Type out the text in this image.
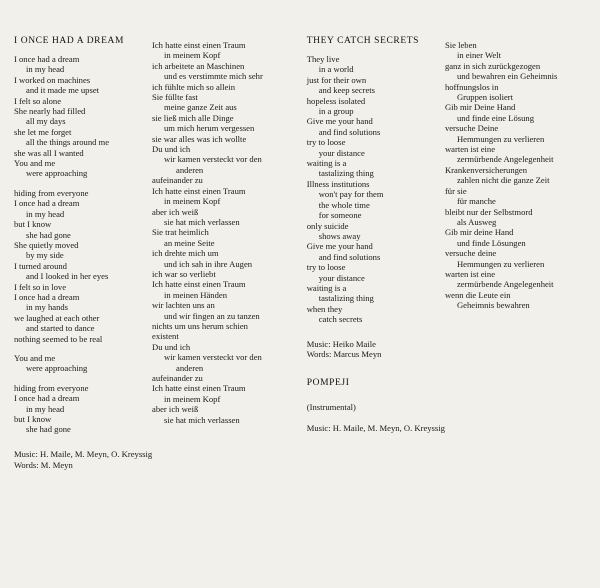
I ONCE HAD A DREAM
I once had a dream
in my head
I worked on machines
and it made me upset
I felt so alone
She nearly had filled
all my days
she let me forget
all the things around me
she was all I wanted
You and me
were approaching
hiding from everyone
I once had a dream
in my head
but I know
she had gone
She quietly moved
by my side
I turned around
and I looked in her eyes
I felt so in love
I once had a dream
in my hands
we laughed at each other
and started to dance
nothing seemed to be real
You and me
were approaching
hiding from everyone
I once had a dream
in my head
but I know
she had gone
Music: H. Maile, M. Meyn, O. Kreyssig
Words: M. Meyn
Ich hatte einst einen Traum
in meinem Kopf
ich arbeitete an Maschinen
und es verstimmte mich sehr
ich fühlte mich so allein
Sie füllte fast
meine ganze Zeit aus
sie ließ mich alle Dinge
um mich herum vergessen
sie war alles was ich wollte
Du und ich
wir kamen versteckt vor den
anderen
aufeinander zu
Ich hatte einst einen Traum
in meinem Kopf
aber ich weiß
sie hat mich verlassen
Sie trat heimlich
an meine Seite
ich drehte mich um
und ich sah in ihre Augen
ich war so verliebt
Ich hatte einst einen Traum
in meinen Händen
wir lachten uns an
und wir fingen an zu tanzen
nichts um uns herum schien
existent
Du und ich
wir kamen versteckt vor den
anderen
aufeinander zu
Ich hatte einst einen Traum
in meinem Kopf
aber ich weiß
sie hat mich verlassen
THEY CATCH SECRETS
They live
in a world
just for their own
and keep secrets
hopeless isolated
in a group
Give me your hand
and find solutions
try to loose
your distance
waiting is a
tastalizing thing
Illness institutions
won't pay for them
the whole time
for someone
only suicide
shows away
Give me your hand
and find solutions
try to loose
your distance
waiting is a
tastalizing thing
when they
catch secrets
Music: Heiko Maile
Words: Marcus Meyn
POMPEJI
(Instrumental)
Music: H. Maile, M. Meyn, O. Kreyssig
Sie leben
in einer Welt
ganz in sich zurückgezogen
und bewahren ein Geheimnis
hoffnungslos in
Gruppen isoliert
Gib mir Deine Hand
und finde eine Lösung
versuche Deine
Hemmungen zu verlieren
warten ist eine
zermürbende Angelegenheit
Krankenversicherungen
zahlen nicht die ganze Zeit
für sie
für manche
bleibt nur der Selbstmord
als Ausweg
Gib mir deine Hand
und finde Lösungen
versuche deine
Hemmungen zu verlieren
warten ist eine
zermürbende Angelegenheit
wenn die Leute ein
Geheimnis bewahren
